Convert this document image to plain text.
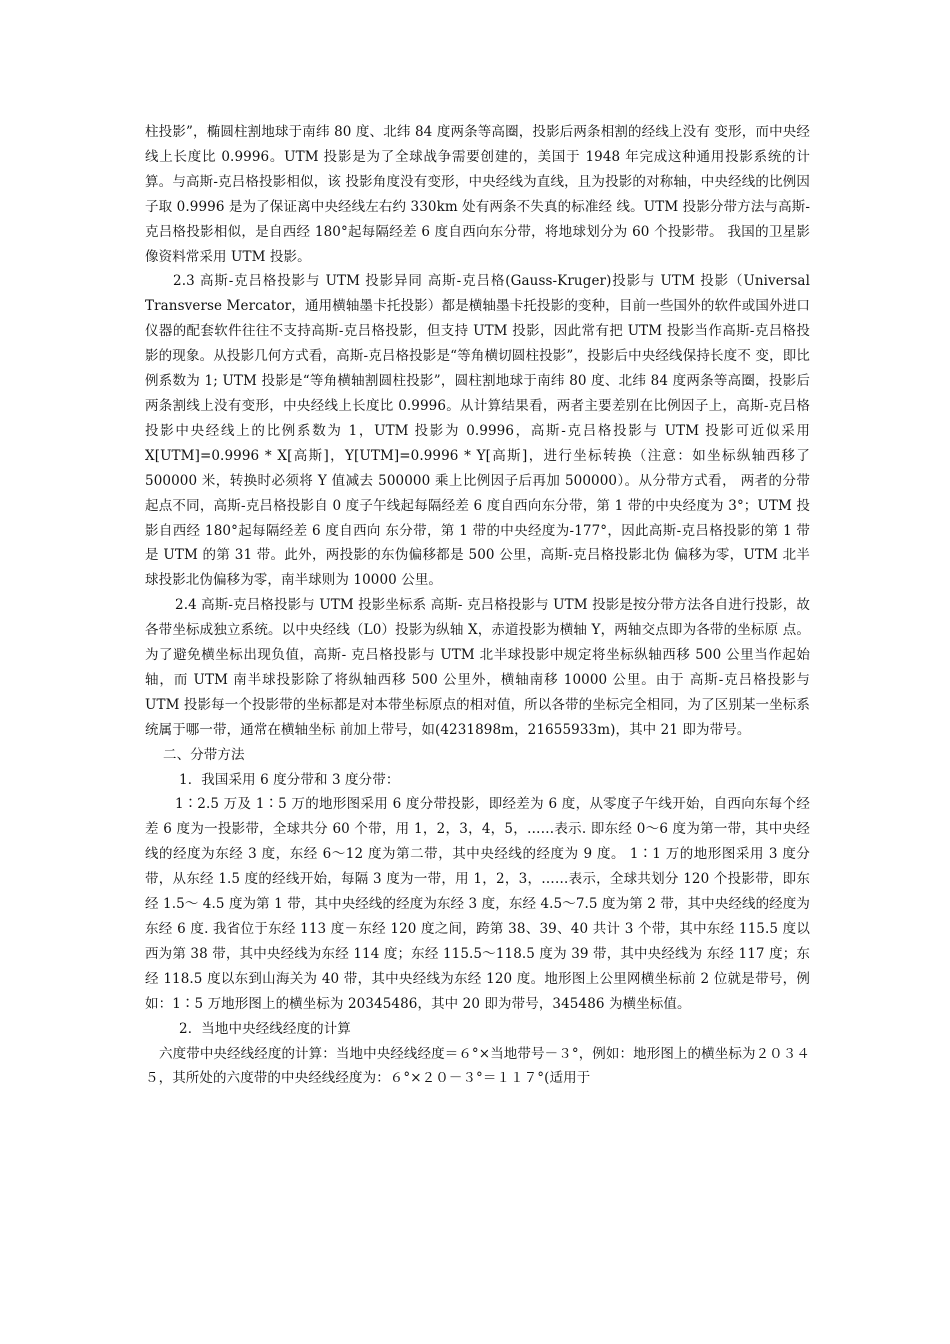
柱投影”，椭圆柱割地球于南纬 80 度、北纬 84 度两条等高圈，投影后两条相割的经线上没有 变形，而中央经线上长度比 0.9996。UTM 投影是为了全球战争需要创建的，美国于 1948 年完成这种通用投影系统的计算。与高斯-克吕格投影相似，该 投影角度没有变形，中央经线为直线，且为投影的对称轴，中央经线的比例因子取 0.9996 是为了保证离中央经线左右约 330km 处有两条不失真的标准经 线。UTM 投影分带方法与高斯-克吕格投影相似，是自西经 180°起每隔经差 6 度自西向东分带，将地球划分为 60 个投影带。 我国的卫星影像资料常采用 UTM 投影。

2.3 高斯-克吕格投影与 UTM 投影异同 高斯-克吕格(Gauss-Kruger)投影与 UTM 投影（Universal Transverse Mercator，通用横轴墨卡托投影）都是横轴墨卡托投影的变种，目前一些国外的软件或国外进口仪器的配套软件往往不支持高斯-克吕格投影，但支持 UTM 投影，因此常有把 UTM 投影当作高斯-克吕格投影的现象。从投影几何方式看，高斯-克吕格投影是“等角横切圆柱投影”，投影后中央经线保持长度不 变，即比例系数为 1; UTM 投影是“等角横轴割圆柱投影”，圆柱割地球于南纬 80 度、北纬 84 度两条等高圈，投影后两条割线上没有变形，中央经线上长度比 0.9996。从计算结果看，两者主要差别在比例因子上，高斯-克吕格投影中央经线上的比例系数为 1，UTM 投影为 0.9996，高斯-克吕格投影与 UTM 投影可近似采用 X[UTM]=0.9996 * X[高斯]，Y[UTM]=0.9996 * Y[高斯]，进行坐标转换（注意：如坐标纵轴西移了 500000 米，转换时必须将 Y 值减去 500000 乘上比例因子后再加 500000）。从分带方式看， 两者的分带起点不同，高斯-克吕格投影自 0 度子午线起每隔经差 6 度自西向东分带，第 1 带的中央经度为 3°；UTM 投影自西经 180°起每隔经差 6 度自西向 东分带，第 1 带的中央经度为-177°，因此高斯-克吕格投影的第 1 带是 UTM 的第 31 带。此外，两投影的东伪偏移都是 500 公里，高斯-克吕格投影北伪 偏移为零，UTM 北半球投影北伪偏移为零，南半球则为 10000 公里。

2.4 高斯-克吕格投影与 UTM 投影坐标系 高斯- 克吕格投影与 UTM 投影是按分带方法各自进行投影，故各带坐标成独立系统。以中央经线（L0）投影为纵轴 X，赤道投影为横轴 Y，两轴交点即为各带的坐标原 点。为了避免横坐标出现负值，高斯- 克吕格投影与 UTM 北半球投影中规定将坐标纵轴西移 500 公里当作起始轴，而 UTM 南半球投影除了将纵轴西移 500 公里外，横轴南移 10000 公里。由于 高斯-克吕格投影与 UTM 投影每一个投影带的坐标都是对本带坐标原点的相对值，所以各带的坐标完全相同，为了区别某一坐标系统属于哪一带，通常在横轴坐标 前加上带号，如(4231898m，21655933m)，其中 21 即为带号。

二、分带方法

1．我国采用 6 度分带和 3 度分带：

1∶2.5 万及 1∶5 万的地形图采用 6 度分带投影，即经差为 6 度，从零度子午线开始，自西向东每个经差 6 度为一投影带，全球共分 60 个带，用 1，2，3，4，5，……表示. 即东经 0～6 度为第一带，其中央经线的经度为东经 3 度，东经 6～12 度为第二带，其中央经线的经度为 9 度。 1∶1 万的地形图采用 3 度分带，从东经 1.5 度的经线开始，每隔 3 度为一带，用 1，2，3，……表示，全球共划分 120 个投影带，即东经 1.5～ 4.5 度为第 1 带，其中央经线的经度为东经 3 度，东经 4.5～7.5 度为第 2 带，其中央经线的经度为东经 6 度. 我省位于东经 113 度－东经 120 度之间，跨第 38、39、40 共计 3 个带，其中东经 115.5 度以西为第 38 带，其中央经线为东经 114 度；东经 115.5～118.5 度为 39 带，其中央经线为 东经 117 度；东经 118.5 度以东到山海关为 40 带，其中央经线为东经 120 度。地形图上公里网横坐标前 2 位就是带号，例如：1∶5 万地形图上的横坐标为 20345486，其中 20 即为带号，345486 为横坐标值。

2．当地中央经线经度的计算

六度带中央经线经度的计算：当地中央经线经度＝６°×当地带号－３°，例如：地形图上的横坐标为２０３４５，其所处的六度带的中央经线经度为：６°×２０－３°＝１１７°(适用于
